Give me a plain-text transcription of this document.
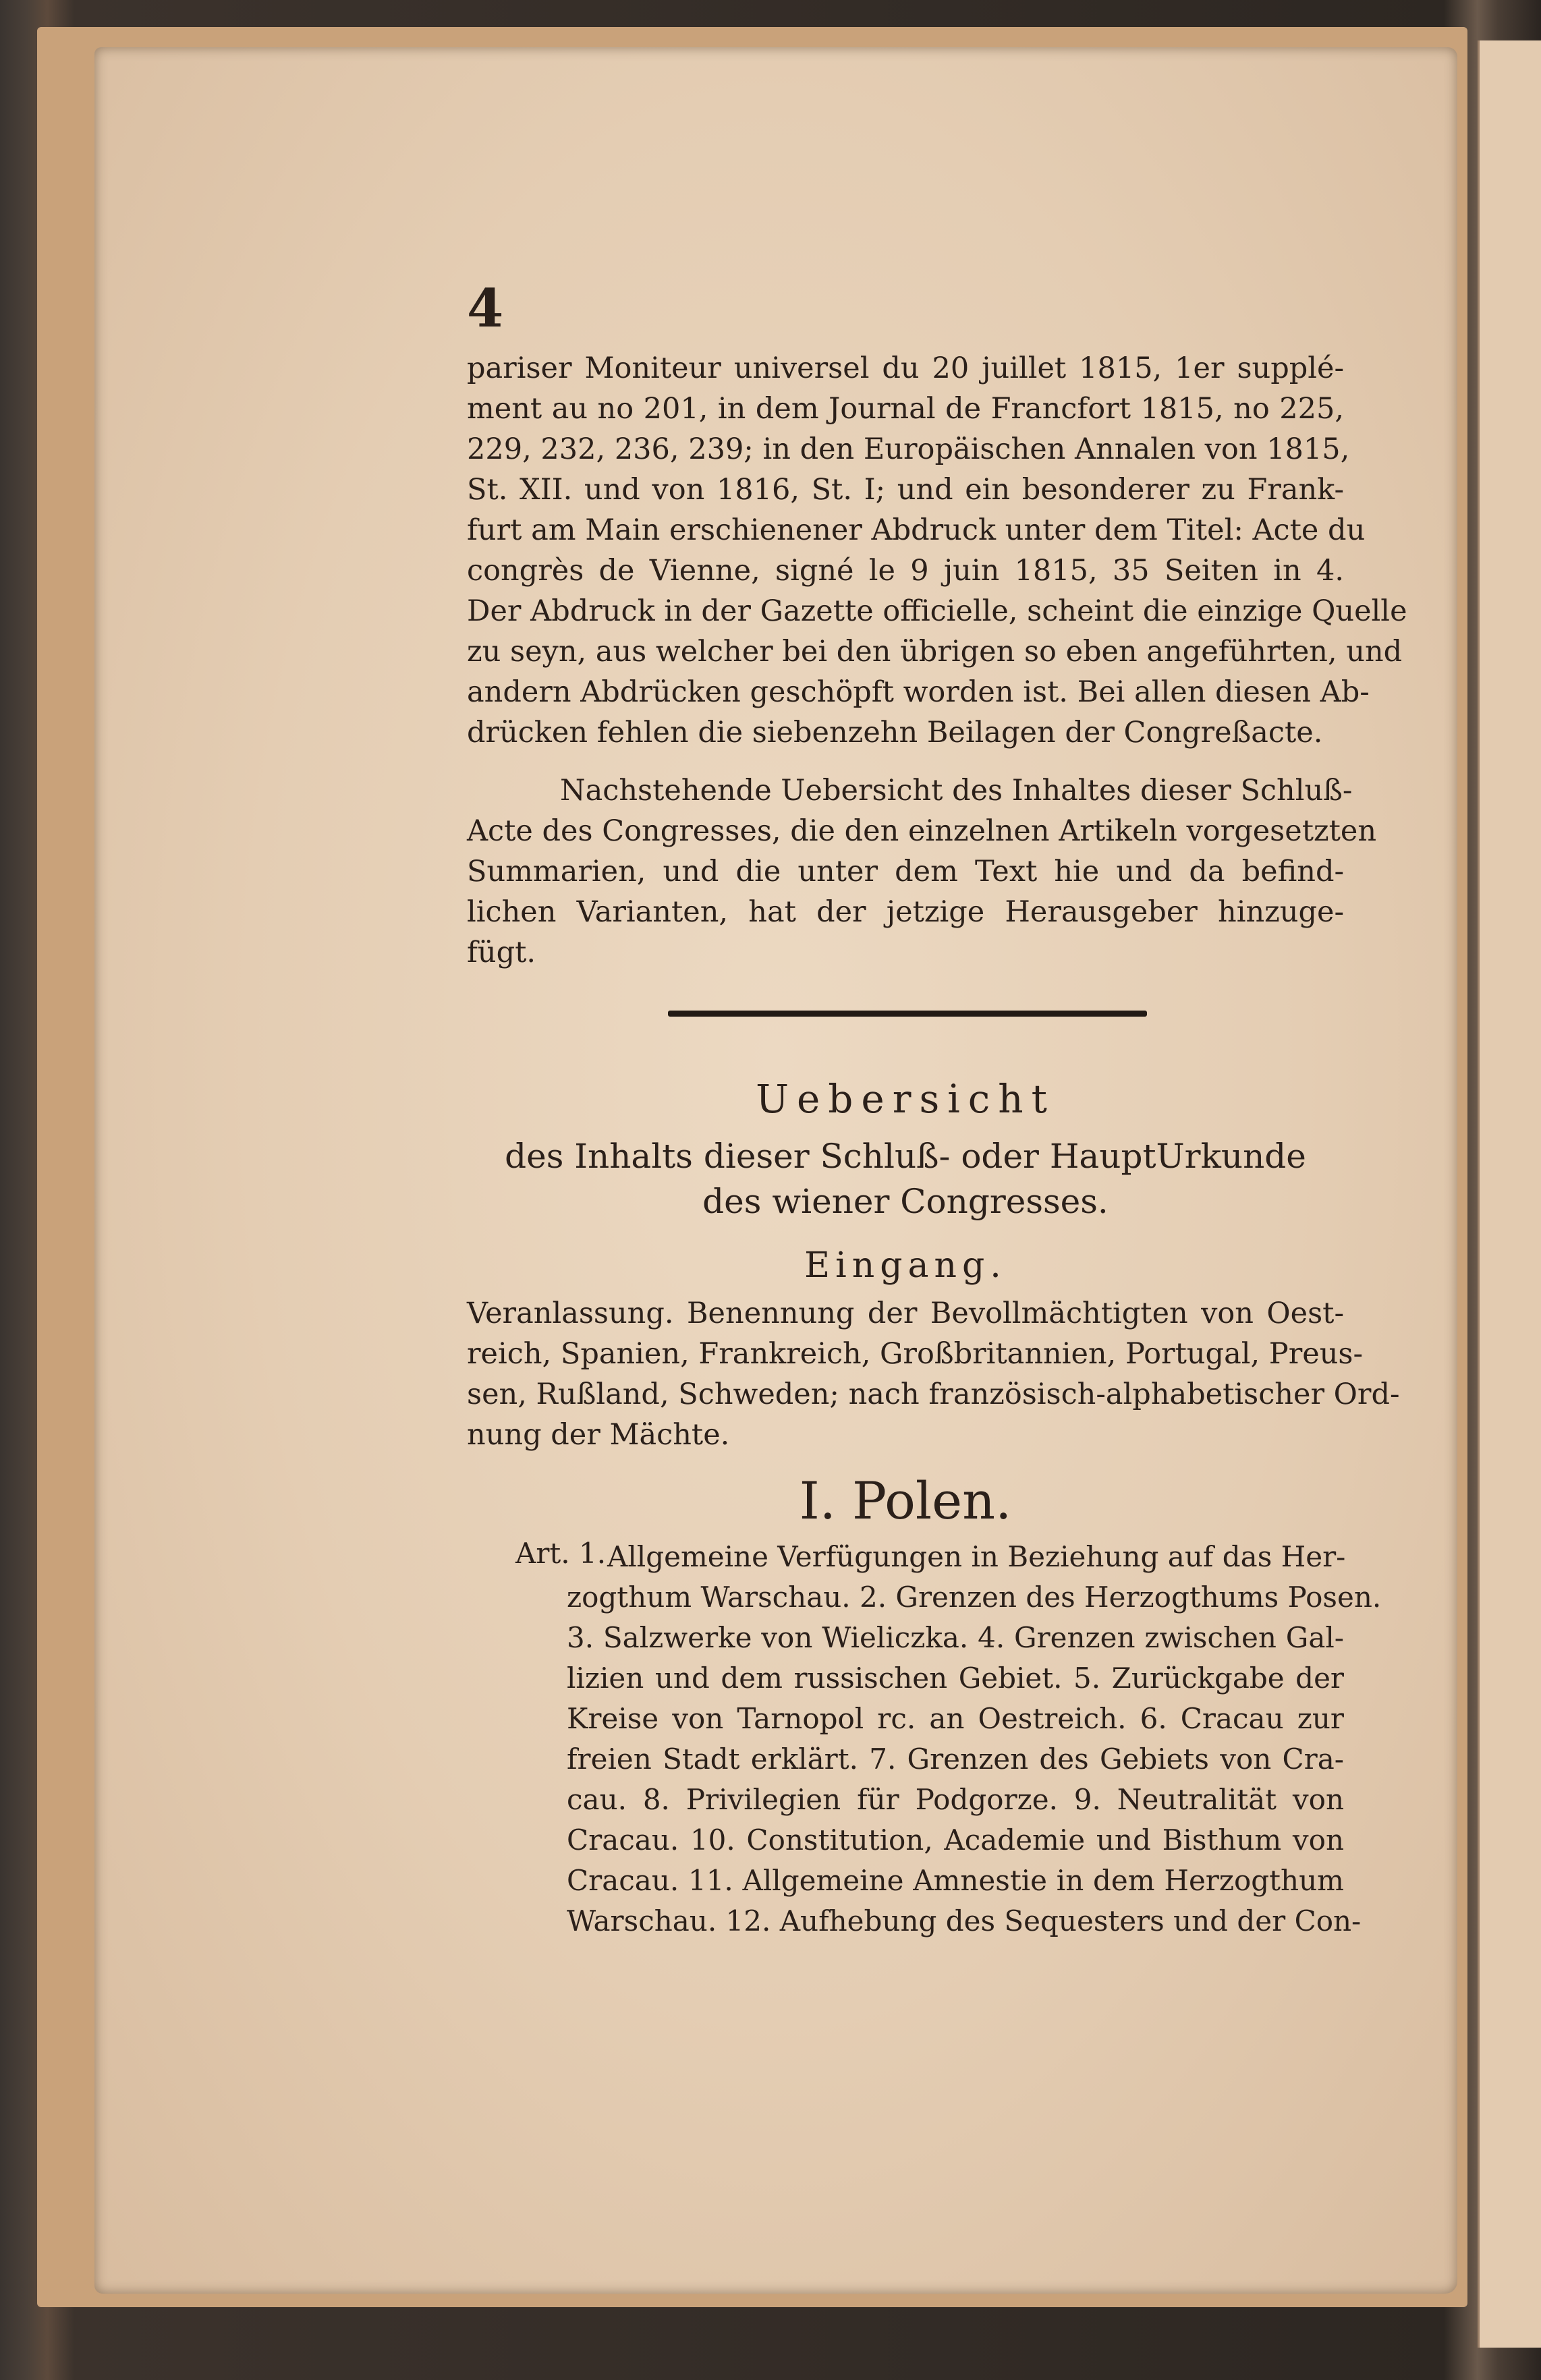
4
pariser Moniteur universel du 20 juillet 1815, 1er supplé-
ment au no 201, in dem Journal de Francfort 1815, no 225,
229, 232, 236, 239; in den Europäischen Annalen von 1815,
St. XII. und von 1816, St. I; und ein besonderer zu Frank-
furt am Main erschienener Abdruck unter dem Titel: Acte du
congrès de Vienne, signé le 9 juin 1815, 35 Seiten in 4.
Der Abdruck in der Gazette officielle, scheint die einzige Quelle
zu seyn, aus welcher bei den übrigen so eben angeführten, und
andern Abdrücken geschöpft worden ist. Bei allen diesen Ab-
drücken fehlen die siebenzehn Beilagen der Congreßacte.
Nachstehende Uebersicht des Inhaltes dieser Schluß-
Acte des Congresses, die den einzelnen Artikeln vorgesetzten
Summarien, und die unter dem Text hie und da befind-
lichen Varianten, hat der jetzige Herausgeber hinzuge-
fügt.
Uebersicht
des Inhalts dieser Schluß- oder HauptUrkunde
des wiener Congresses.
Eingang.
Veranlassung. Benennung der Bevollmächtigten von Oest-
reich, Spanien, Frankreich, Großbritannien, Portugal, Preus-
sen, Rußland, Schweden; nach französisch-alphabetischer Ord-
nung der Mächte.
I. Polen.
Art. 1. Allgemeine Verfügungen in Beziehung auf das Her-
zogthum Warschau. 2. Grenzen des Herzogthums Posen.
3. Salzwerke von Wieliczka. 4. Grenzen zwischen Gal-
lizien und dem russischen Gebiet. 5. Zurückgabe der
Kreise von Tarnopol rc. an Oestreich. 6. Cracau zur
freien Stadt erklärt. 7. Grenzen des Gebiets von Cra-
cau. 8. Privilegien für Podgorze. 9. Neutralität von
Cracau. 10. Constitution, Academie und Bisthum von
Cracau. 11. Allgemeine Amnestie in dem Herzogthum
Warschau. 12. Aufhebung des Sequesters und der Con-
